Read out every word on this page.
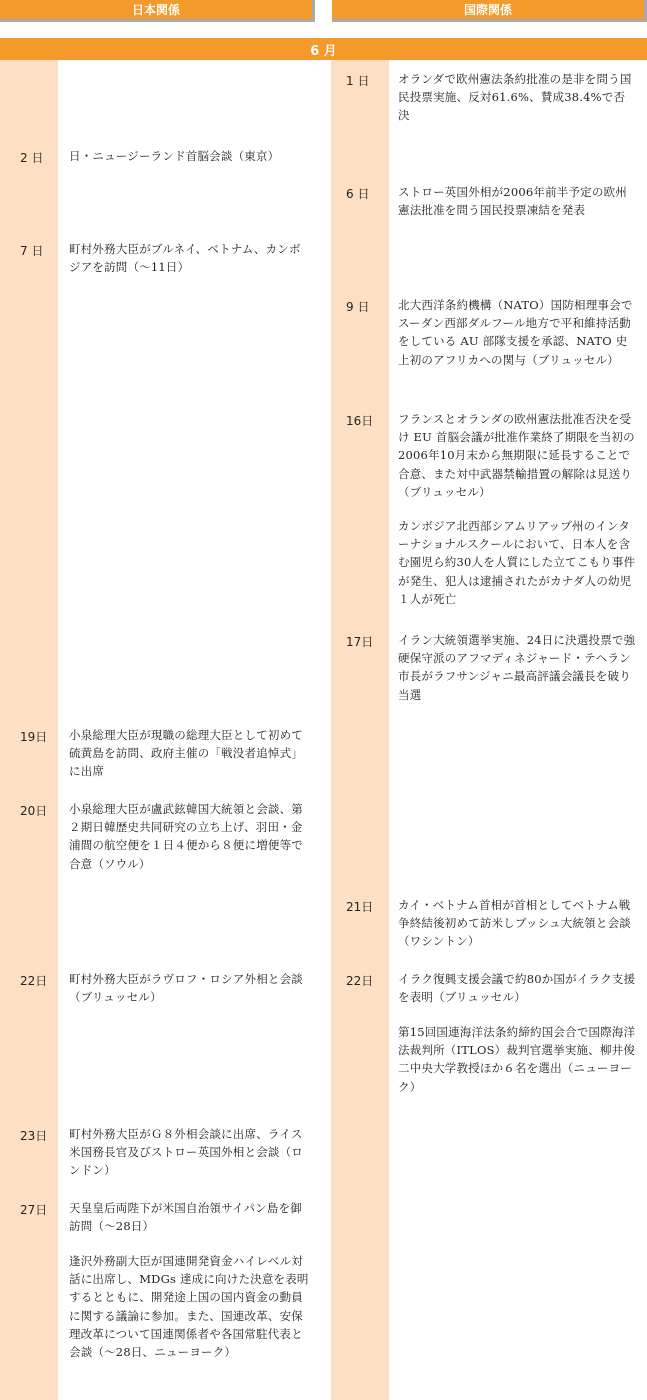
日本関係	国際関係
6 月
2 日 日・ニュージーランド首脳会談（東京）
7 日 町村外務大臣がブルネイ、ベトナム、カンボジアを訪問（～11日）
19日 小泉総理大臣が現職の総理大臣として初めて硫黄島を訪問、政府主催の「戦没者追悼式」に出席
20日 小泉総理大臣が盧武鉉韓国大統領と会談、第２期日韓歴史共同研究の立ち上げ、羽田・金浦間の航空便を１日４便から８便に増便等で合意（ソウル）
22日 町村外務大臣がラヴロフ・ロシア外相と会談（ブリュッセル）
23日 町村外務大臣がＧ８外相会談に出席、ライス米国務長官及びストロー英国外相と会談（ロンドン）
27日 天皇皇后両陛下が米国自治領サイパン島を御訪問（～28日）
逢沢外務副大臣が国連開発資金ハイレベル対話に出席し、MDGs 達成に向けた決意を表明するとともに、開発途上国の国内資金の動員に関する議論に参加。また、国連改革、安保理改革について国連関係者や各国常駐代表と会談（～28日、ニューヨーク）
1 日 オランダで欧州憲法条約批准の是非を問う国民投票実施、反対61.6%、賛成38.4%で否決
6 日 ストロー英国外相が2006年前半予定の欧州憲法批准を問う国民投票凍結を発表
9 日 北大西洋条約機構（NATO）国防相理事会でスーダン西部ダルフール地方で平和維持活動をしている AU 部隊支援を承認、NATO 史上初のアフリカへの関与（ブリュッセル）
16日 フランスとオランダの欧州憲法批准否決を受け EU 首脳会議が批准作業終了期限を当初の2006年10月末から無期限に延長することで合意、また対中武器禁輸措置の解除は見送り（ブリュッセル）
カンボジア北西部シアムリアップ州のインターナショナルスクールにおいて、日本人を含む園児ら約30人を人質にした立てこもり事件が発生、犯人は逮捕されたがカナダ人の幼児１人が死亡
17日 イラン大統領選挙実施、24日に決選投票で強硬保守派のアフマディネジャード・テヘラン市長がラフサンジャニ最高評議会議長を破り当選
21日 カイ・ベトナム首相が首相としてベトナム戦争終結後初めて訪米しブッシュ大統領と会談（ワシントン）
22日 イラク復興支援会議で約80か国がイラク支援を表明（ブリュッセル）
第15回国連海洋法条約締約国会合で国際海洋法裁判所（ITLOS）裁判官選挙実施、柳井俊二中央大学教授ほか６名を選出（ニューヨーク）
